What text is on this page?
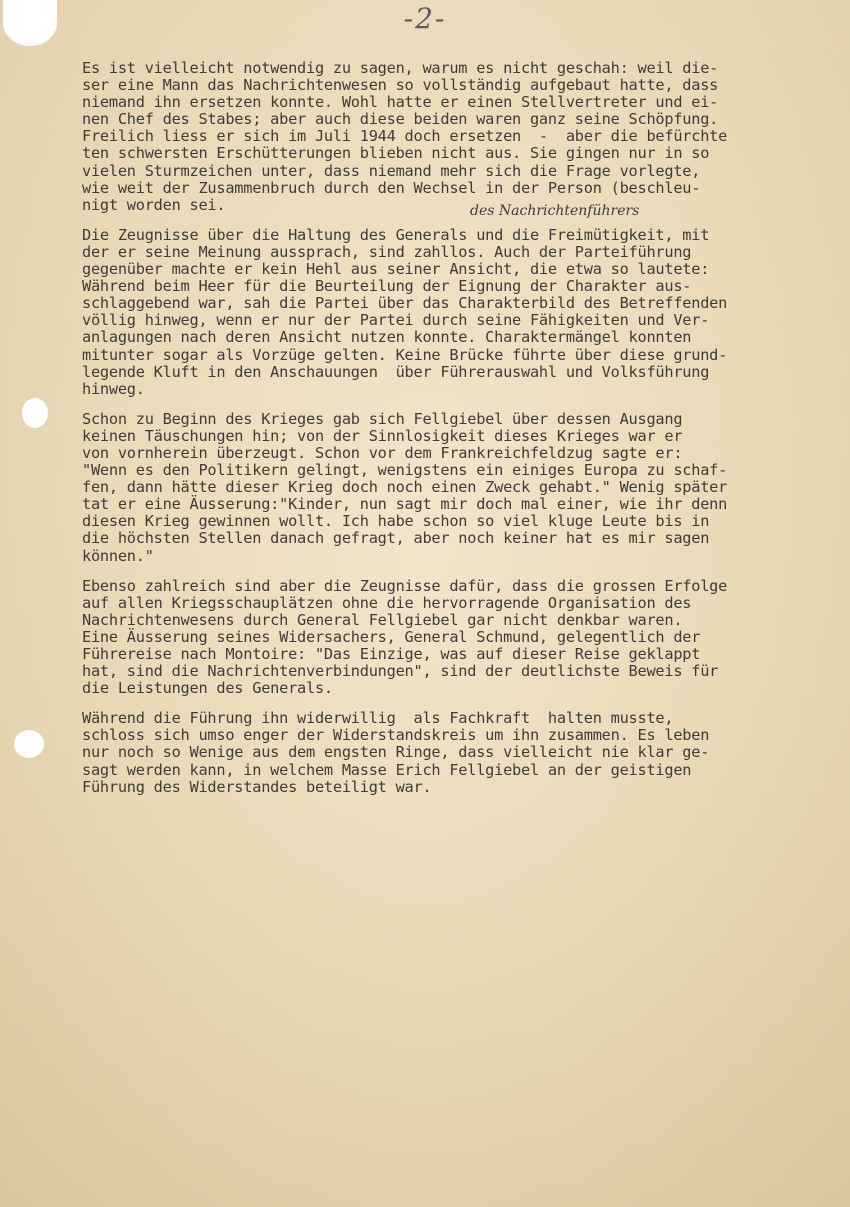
-2-
Es ist vielleicht notwendig zu sagen, warum es nicht geschah: weil die-
ser eine Mann das Nachrichtenwesen so vollständig aufgebaut hatte, dass
niemand ihn ersetzen konnte. Wohl hatte er einen Stellvertreter und ei-
nen Chef des Stabes; aber auch diese beiden waren ganz seine Schöpfung.
Freilich liess er sich im Juli 1944 doch ersetzen  -  aber die befürchte
ten schwersten Erschütterungen blieben nicht aus. Sie gingen nur in so
vielen Sturmzeichen unter, dass niemand mehr sich die Frage vorlegte,
wie weit der Zusammenbruch durch den Wechsel in der Person (beschleu-
nigt worden sei.
Die Zeugnisse über die Haltung des Generals und die Freimütigkeit, mit
der er seine Meinung aussprach, sind zahllos. Auch der Parteiführung
gegenüber machte er kein Hehl aus seiner Ansicht, die etwa so lautete:
Während beim Heer für die Beurteilung der Eignung der Charakter aus-
schlaggebend war, sah die Partei über das Charakterbild des Betreffenden
völlig hinweg, wenn er nur der Partei durch seine Fähigkeiten und Ver-
anlagungen nach deren Ansicht nutzen konnte. Charaktermängel konnten
mitunter sogar als Vorzüge gelten. Keine Brücke führte über diese grund-
legende Kluft in den Anschauungen  über Führerauswahl und Volksführung
hinweg.
Schon zu Beginn des Krieges gab sich Fellgiebel über dessen Ausgang
keinen Täuschungen hin; von der Sinnlosigkeit dieses Krieges war er
von vornherein überzeugt. Schon vor dem Frankreichfeldzug sagte er:
"Wenn es den Politikern gelingt, wenigstens ein einiges Europa zu schaf-
fen, dann hätte dieser Krieg doch noch einen Zweck gehabt." Wenig später
tat er eine Äusserung:"Kinder, nun sagt mir doch mal einer, wie ihr denn
diesen Krieg gewinnen wollt. Ich habe schon so viel kluge Leute bis in
die höchsten Stellen danach gefragt, aber noch keiner hat es mir sagen
können."
Ebenso zahlreich sind aber die Zeugnisse dafür, dass die grossen Erfolge
auf allen Kriegsschauplätzen ohne die hervorragende Organisation des
Nachrichtenwesens durch General Fellgiebel gar nicht denkbar waren.
Eine Äusserung seines Widersachers, General Schmund, gelegentlich der
Führereise nach Montoire: "Das Einzige, was auf dieser Reise geklappt
hat, sind die Nachrichtenverbindungen", sind der deutlichste Beweis für
die Leistungen des Generals.
Während die Führung ihn widerwillig  als Fachkraft  halten musste,
schloss sich umso enger der Widerstandskreis um ihn zusammen. Es leben
nur noch so Wenige aus dem engsten Ringe, dass vielleicht nie klar ge-
sagt werden kann, in welchem Masse Erich Fellgiebel an der geistigen
Führung des Widerstandes beteiligt war.
des Nachrichtenführers
